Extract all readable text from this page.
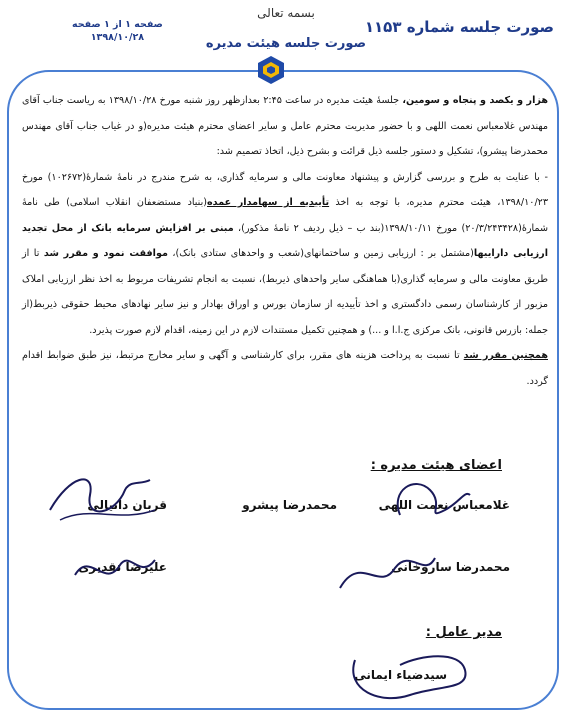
صورت جلسه شماره ۱۱۵۳
بسمه تعالی
صورت جلسه هیئت مدیره
صفحه ۱ از ۱ صفحه
۱۳۹۸/۱۰/۲۸
هزار و یکصد و پنجاه و سومین، جلسهٔ هیئت مدیره در ساعت ۲:۴۵ بعدازظهر روز شنبه مورخ ۱۳۹۸/۱۰/۲۸ به ریاست جناب آقای مهندس غلامعباس نعمت اللهی و با حضور مدیریت محترم عامل و سایر اعضای محترم هیئت مدیره(و در غیاب جناب آقای مهندس محمدرضا پیشرو)، تشکیل و دستور جلسه ذیل قرائت و بشرح ذیل، اتخاذ تصمیم شد:
- با عنایت به طرح و بررسی گزارش و پیشنهاد معاونت مالی و سرمایه گذاری، به شرح مندرج در نامهٔ شمارهٔ(۱۰۲۶۷۲) مورخ ۱۳۹۸/۱۰/۲۳، هیئت محترم مدیره، با توجه به اخذ تأییدیه از سهامدار عمده(بنیاد مستضعفان انقلاب اسلامی) طی نامهٔ شمارهٔ(۲۰/۳/۲۴۳۴۲۸) مورخ ۱۳۹۸/۱۰/۱۱(بند ب – ذیل ردیف ۲ نامهٔ مذکور)، مبنی بر افزایش سرمایه بانک از محل تجدید ارزیابی داراییها(مشتمل بر : ارزیابی زمین و ساختمانهای(شعب و واحدهای ستادی بانک)، موافقت نمود و مقرر شد تا از طریق معاونت مالی و سرمایه گذاری(با هماهنگی سایر واحدهای ذیربط)، نسبت به انجام تشریفات مربوط به اخذ نظر ارزیابی املاک مزبور از کارشناسان رسمی دادگستری و اخذ تأییدیه از سازمان بورس و اوراق بهادار و نیز سایر نهادهای محیط حقوقی ذیربط(از جمله: بازرس قانونی، بانک مرکزی ج.ا.ا و ...) و همچنین تکمیل مستندات لازم در این زمینه، اقدام لازم صورت پذیرد.
همچنین مقرر شد تا نسبت به پرداخت هزینه های مقرر، برای کارشناسی و آگهی و سایر مخارج مرتبط، نیز طبق ضوابط اقدام گردد.
اعضای هیئت مدیره :
غلامعباس نعمت اللهی
محمدرضا پیشرو
قربان دانیالی
محمدرضا ساروخانی
علیرضا تقدیری
مدیر عامل :
سیدضیاء ایمانی
